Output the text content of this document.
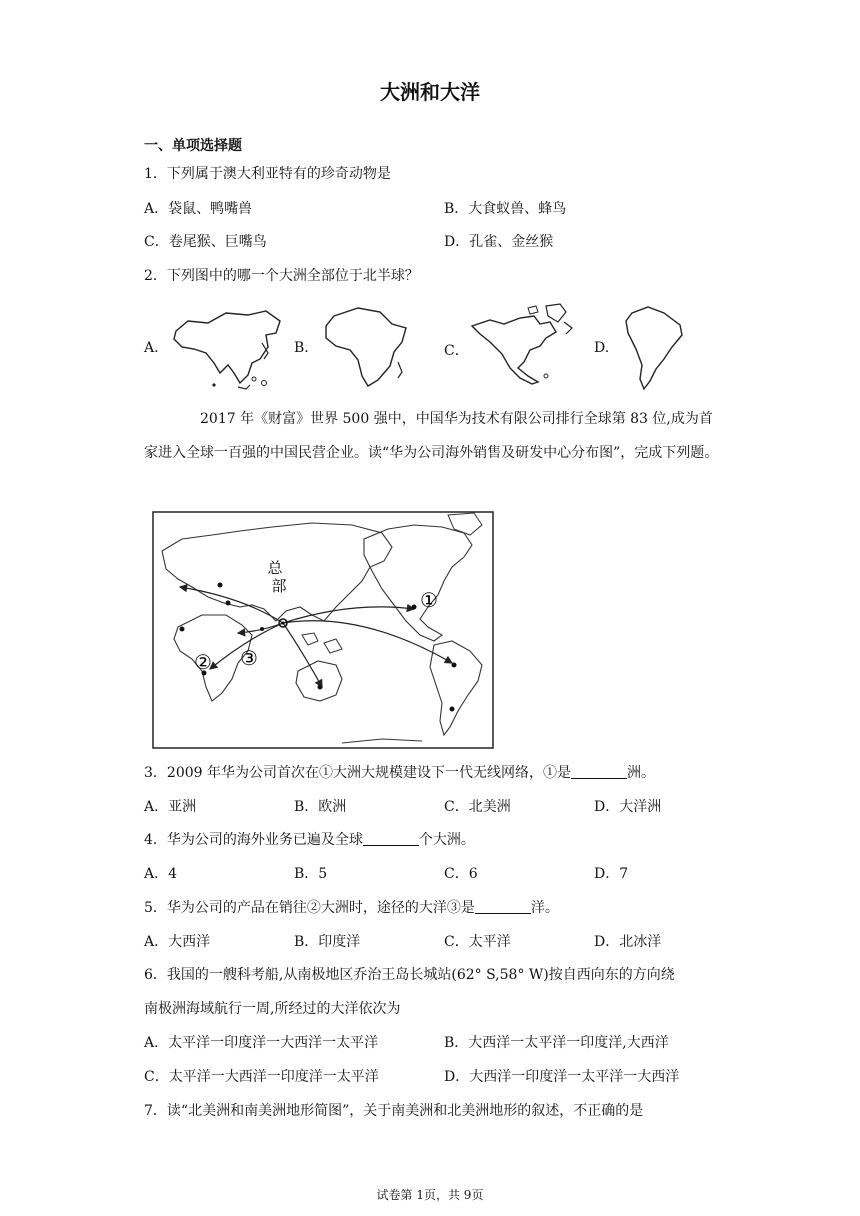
大洲和大洋
一、单项选择题
1．下列属于澳大利亚特有的珍奇动物是
A．袋鼠、鸭嘴兽	B．大食蚁兽、蜂鸟
C．卷尾猴、巨嘴鸟	D．孔雀、金丝猴
2．下列图中的哪一个大洲全部位于北半球？
A.	B.	C．	D.
2017 年《财富》世界 500 强中，中国华为技术有限公司排行全球第 83 位,成为首家进入全球一百强的中国民营企业。读“华为公司海外销售及研发中心分布图”，完成下列题。
总
部
①
② ③
3．2009 年华为公司首次在①大洲大规模建设下一代无线网络，①是	洲。
A．亚洲	B．欧洲	C．北美洲	D．大洋洲
4．华为公司的海外业务已遍及全球	个大洲。
A．4	B．5	C．6	D．7
5．华为公司的产品在销往②大洲时，途径的大洋③是	洋。
A．大西洋	B．印度洋	C．太平洋	D．北冰洋
6．我国的一艘科考船,从南极地区乔治王岛长城站(62° S,58° W)按自西向东的方向绕
南极洲海域航行一周,所经过的大洋依次为
A．太平洋一印度洋一大西洋一太平洋	B．大西洋一太平洋一印度洋,大西洋
C．太平洋一大西洋一印度洋一太平洋	D．大西洋一印度洋一太平洋一大西洋
7．读“北美洲和南美洲地形简图”，关于南美洲和北美洲地形的叙述，不正确的是
试卷第 1页，共 9页
